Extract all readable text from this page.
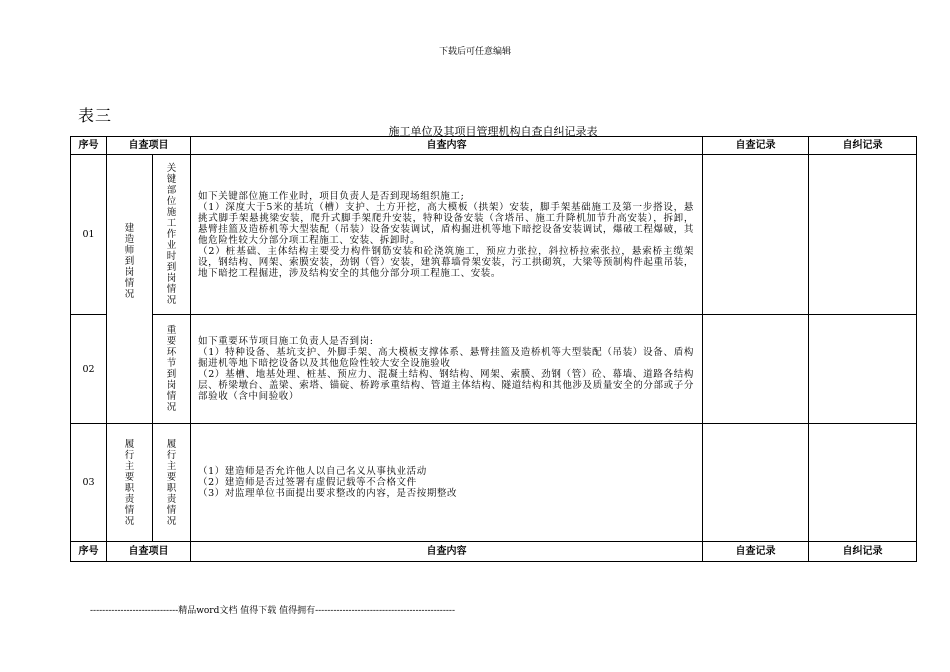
下载后可任意编辑
表三
施工单位及其项目管理机构自查自纠记录表
序号	自查项目		自查内容	自查记录	自纠记录
01	建造师到岗情况	关键部位施工作业时到岗情况	如下关键部位施工作业时，项目负责人是否到现场组织施工;

（1）深度大于5米的基坑（槽）支护、土方开挖，高大模板（拱架）安装，脚手架基础施工及第一步搭设，悬挑式脚手架悬挑梁安装，爬升式脚手架爬升安装，特种设备安装（含塔吊、施工升降机加节升高安装），拆卸，悬臂挂篮及造桥机等大型装配（吊装）设备安装调试，盾构掘进机等地下暗挖设备安装调试，爆破工程爆破，其他危险性较大分部分项工程施工、安装、拆卸时。

（2）桩基础、主体结构主要受力构件钢筋安装和砼浇筑施工，预应力张拉，斜拉桥拉索张拉，悬索桥主缆架设，钢结构、网架、索膜安装，劲钢（管）安装，建筑幕墙骨架安装，污工拱砌筑，大梁等预制构件起重吊装，地下暗挖工程掘进，涉及结构安全的其他分部分项工程施工、安装。		

02		重要环节到岗情况	如下重要环节项目施工负责人是否到岗:

（1）特种设备、基坑支护、外脚手架、高大模板支撑体系、悬臂挂篮及造桥机等大型装配（吊装）设备、盾构掘进机等地下暗挖设备以及其他危险性较大安全设施验收

（2）基槽、地基处理、桩基、预应力、混凝土结构、钢结构、网架、索膜、劲钢（管）砼、幕墙、道路各结构层、桥梁墩台、盖梁、索塔、锚碇、桥跨承重结构、管道主体结构、隧道结构和其他涉及质量安全的分部或子分部验收（含中间验收）		

03	履行主要职责情况	履行主要职责情况	（1）建造师是否允许他人以自己名义从事执业活动

（2）建造师是否过签署有虚假记载等不合格文件

（3）对监理单位书面提出要求整改的内容，是否按期整改		

序号	自查项目		自查内容	自查记录	自纠记录
-----------------------------精品word文档 值得下载 值得拥有----------------------------------------------
